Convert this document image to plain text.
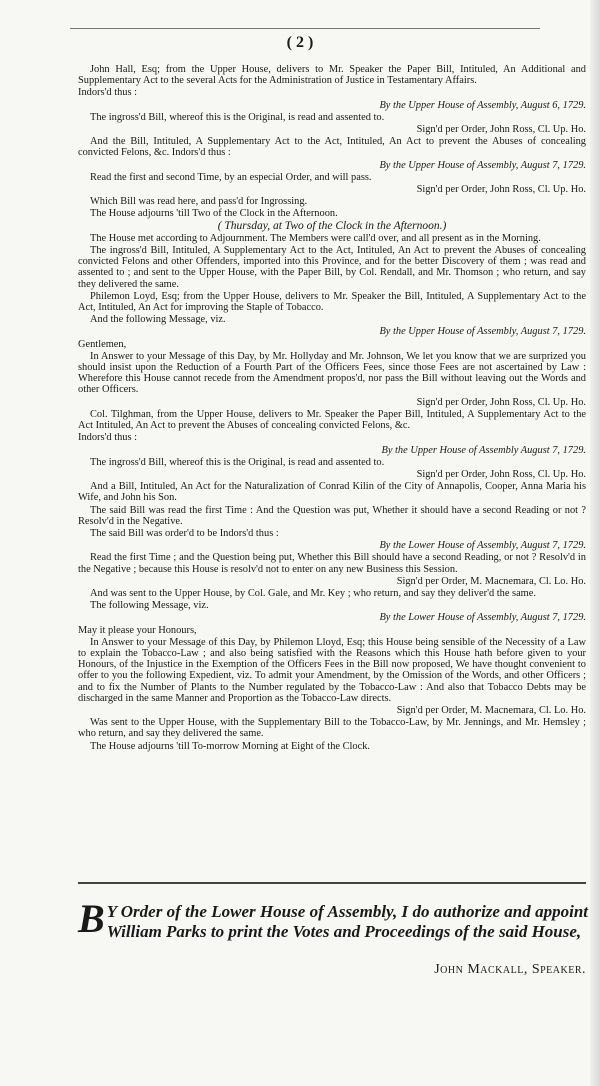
( 2 )

John Hall, Esq; from the Upper House, delivers to Mr. Speaker the Paper Bill, Intituled, An Additional and Supplementary Act to the several Acts for the Administration of Justice in Testamentary Affairs.

Indors'd thus :

By the Upper House of Assembly, August 6, 1729.

The ingross'd Bill, whereof this is the Original, is read and assented to.

Sign'd per Order, John Ross, Cl. Up. Ho.

And the Bill, Intituled, A Supplementary Act to the Act, Intituled, An Act to prevent the Abuses of concealing convicted Felons, &c. Indors'd thus :

By the Upper House of Assembly, August 7, 1729.

Read the first and second Time, by an especial Order, and will pass.

Sign'd per Order, John Ross, Cl. Up. Ho.

Which Bill was read here, and pass'd for Ingrossing.

The House adjourns 'till Two of the Clock in the Afternoon.

( Thursday, at Two of the Clock in the Afternoon.)

The House met according to Adjournment. The Members were call'd over, and all present as in the Morning.

The ingross'd Bill, Intituled, A Supplementary Act to the Act, Intituled, An Act to prevent the Abuses of concealing convicted Felons and other Offenders, imported into this Province, and for the better Discovery of them ; was read and assented to ; and sent to the Upper House, with the Paper Bill, by Col. Rendall, and Mr. Thomson ; who return, and say they delivered the same.

Philemon Loyd, Esq; from the Upper House, delivers to Mr. Speaker the Bill, Intituled, A Supplementary Act to the Act, Intituled, An Act for improving the Staple of Tobacco.

And the following Message, viz.

By the Upper House of Assembly, August 7, 1729.

Gentlemen,

In Answer to your Message of this Day, by Mr. Hollyday and Mr. Johnson, We let you know that we are surprized you should insist upon the Reduction of a Fourth Part of the Officers Fees, since those Fees are not ascertained by Law : Wherefore this House cannot recede from the Amendment propos'd, nor pass the Bill without leaving out the Words and other Officers.

Sign'd per Order, John Ross, Cl. Up. Ho.

Col. Tilghman, from the Upper House, delivers to Mr. Speaker the Paper Bill, Intituled, A Supplementary Act to the Act Intituled, An Act to prevent the Abuses of concealing convicted Felons, &c.

Indors'd thus :

By the Upper House of Assembly August 7, 1729.

The ingross'd Bill, whereof this is the Original, is read and assented to.

Sign'd per Order, John Ross, Cl. Up. Ho.

And a Bill, Intituled, An Act for the Naturalization of Conrad Kilin of the City of Annapolis, Cooper, Anna Maria his Wife, and John his Son.

The said Bill was read the first Time : And the Question was put, Whether it should have a second Reading or not ? Resolv'd in the Negative.

The said Bill was order'd to be Indors'd thus :

By the Lower House of Assembly, August 7, 1729.

Read the first Time ; and the Question being put, Whether this Bill should have a second Reading, or not ? Resolv'd in the Negative ; because this House is resolv'd not to enter on any new Business this Session.

Sign'd per Order, M. Macnemara, Cl. Lo. Ho.

And was sent to the Upper House, by Col. Gale, and Mr. Key ; who return, and say they deliver'd the same.

The following Message, viz.

By the Lower House of Assembly, August 7, 1729.

May it please your Honours,

In Answer to your Message of this Day, by Philemon Lloyd, Esq; this House being sensible of the Necessity of a Law to explain the Tobacco-Law ; and also being satisfied with the Reasons which this House hath before given to your Honours, of the Injustice in the Exemption of the Officers Fees in the Bill now proposed, We have thought convenient to offer to you the following Expedient, viz. To admit your Amendment, by the Omission of the Words, and other Officers ; and to fix the Number of Plants to the Number regulated by the Tobacco-Law : And also that Tobacco Debts may be discharged in the same Manner and Proportion as the Tobacco-Law directs.

Sign'd per Order, M. Macnemara, Cl. Lo. Ho.

Was sent to the Upper House, with the Supplementary Bill to the Tobacco-Law, by Mr. Jennings, and Mr. Hemsley ; who return, and say they delivered the same.

The House adjourns 'till To-morrow Morning at Eight of the Clock.

B Y Order of the Lower House of Assembly, I do authorize and appoint William Parks to print the Votes and Proceedings of the said House,
John Mackall, Speaker.
